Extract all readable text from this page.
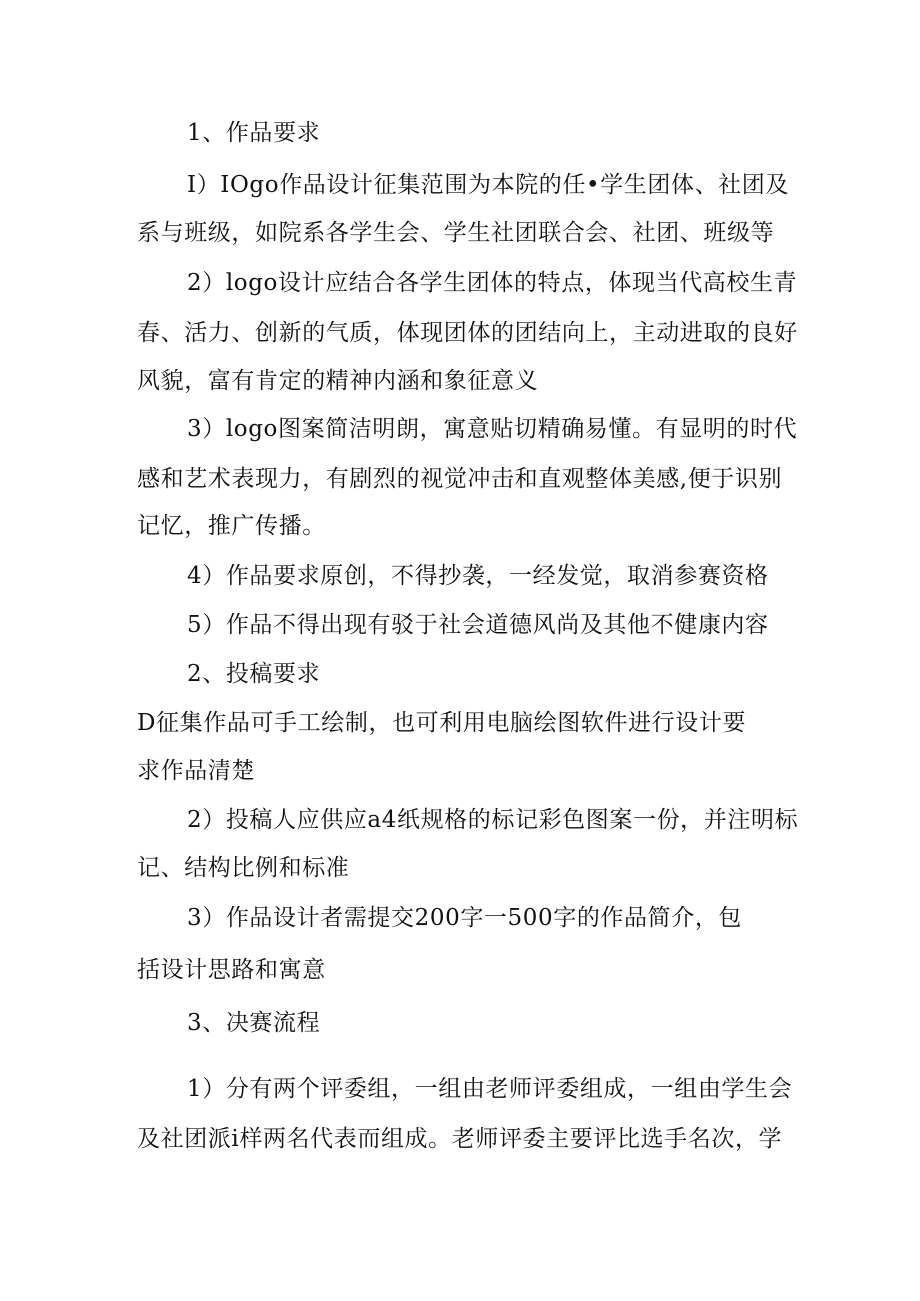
1、作品要求
I）IOgo作品设计征集范围为本院的任•学生团体、社团及
系与班级，如院系各学生会、学生社团联合会、社团、班级等
2）logo设计应结合各学生团体的特点，体现当代高校生青
春、活力、创新的气质，体现团体的团结向上，主动进取的良好
风貌，富有肯定的精神内涵和象征意义
3）logo图案简洁明朗，寓意贴切精确易懂。有显明的时代
感和艺术表现力，有剧烈的视觉冲击和直观整体美感,便于识别
记忆，推广传播。
4）作品要求原创，不得抄袭，一经发觉，取消参赛资格
5）作品不得出现有驳于社会道德风尚及其他不健康内容
2、投稿要求
D征集作品可手工绘制，也可利用电脑绘图软件进行设计要
求作品清楚
2）投稿人应供应a4纸规格的标记彩色图案一份，并注明标
记、结构比例和标准
3）作品设计者需提交200字一500字的作品简介，包
括设计思路和寓意
3、决赛流程
1）分有两个评委组，一组由老师评委组成，一组由学生会
及社团派i样两名代表而组成。老师评委主要评比选手名次，学
